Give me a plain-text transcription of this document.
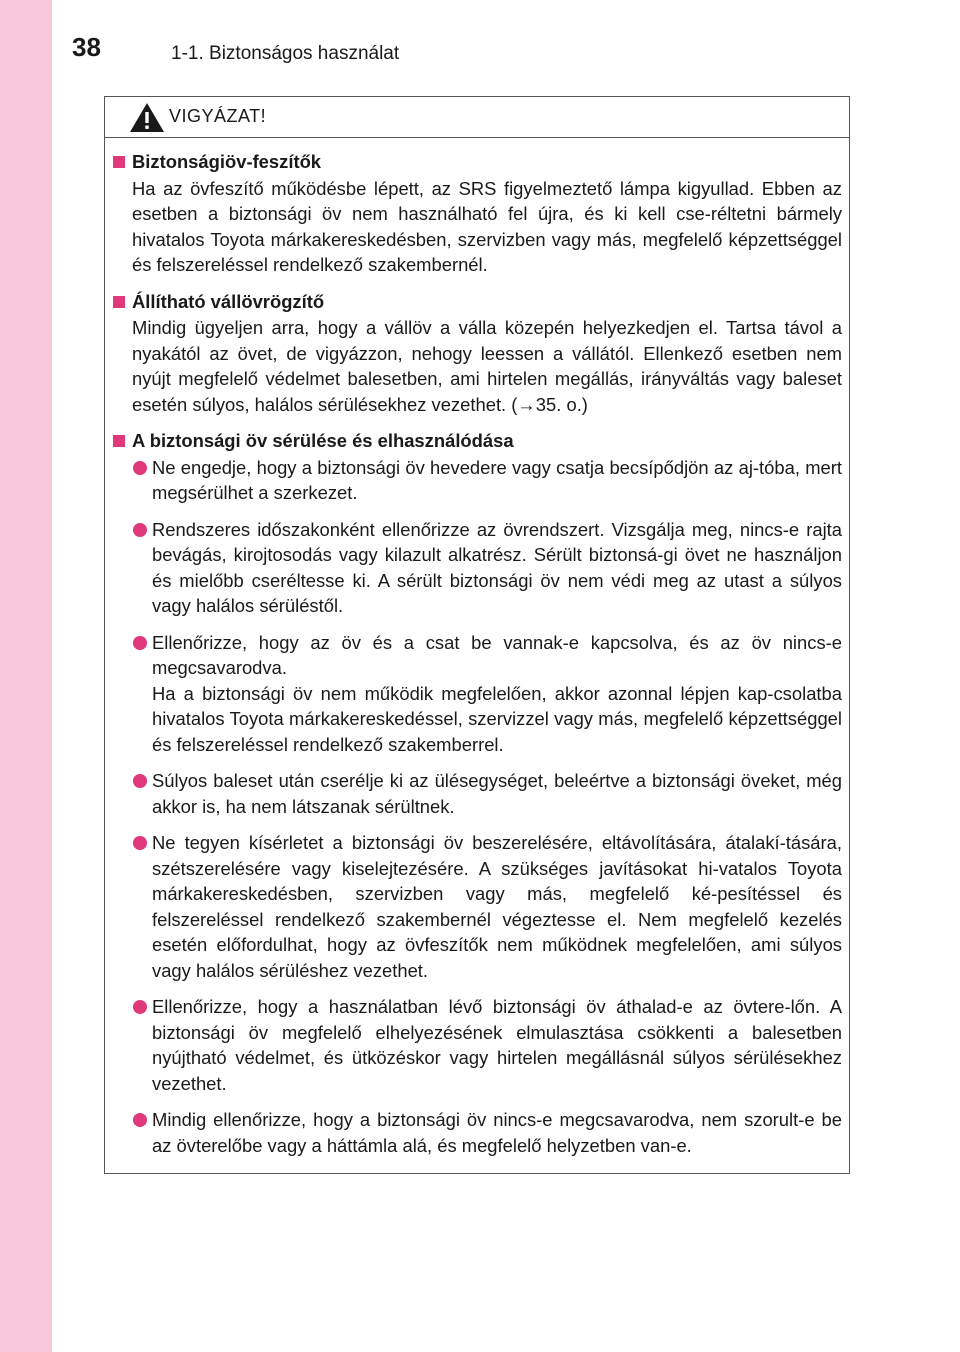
38	1-1. Biztonságos használat
VIGYÁZAT!
Biztonságiöv-feszítők
Ha az övfeszítő működésbe lépett, az SRS figyelmeztető lámpa kigyullad. Ebben az esetben a biztonsági öv nem használható fel újra, és ki kell cse-réltetni bármely hivatalos Toyota márkakereskedésben, szervizben vagy más, megfelelő képzettséggel és felszereléssel rendelkező szakembernél.
Állítható vállövrögzítő
Mindig ügyeljen arra, hogy a vállöv a válla közepén helyezkedjen el. Tartsa távol a nyakától az övet, de vigyázzon, nehogy leessen a vállától. Ellenkező esetben nem nyújt megfelelő védelmet balesetben, ami hirtelen megállás, irányváltás vagy baleset esetén súlyos, halálos sérülésekhez vezethet. (→35. o.)
A biztonsági öv sérülése és elhasználódása
Ne engedje, hogy a biztonsági öv hevedere vagy csatja becsípődjön az aj-tóba, mert megsérülhet a szerkezet.
Rendszeres időszakonként ellenőrizze az övrendszert. Vizsgálja meg, nincs-e rajta bevágás, kirojtosodás vagy kilazult alkatrész. Sérült biztonsá-gi övet ne használjon és mielőbb cseréltesse ki. A sérült biztonsági öv nem védi meg az utast a súlyos vagy halálos sérüléstől.
Ellenőrizze, hogy az öv és a csat be vannak-e kapcsolva, és az öv nincs-e megcsavarodva.
Ha a biztonsági öv nem működik megfelelően, akkor azonnal lépjen kap-csolatba hivatalos Toyota márkakereskedéssel, szervizzel vagy más, megfelelő képzettséggel és felszereléssel rendelkező szakemberrel.
Súlyos baleset után cserélje ki az ülésegységet, beleértve a biztonsági öveket, még akkor is, ha nem látszanak sérültnek.
Ne tegyen kísérletet a biztonsági öv beszerelésére, eltávolítására, átalakí-tására, szétszerelésére vagy kiselejtezésére. A szükséges javításokat hi-vatalos Toyota márkakereskedésben, szervizben vagy más, megfelelő ké-pesítéssel és felszereléssel rendelkező szakembernél végeztesse el. Nem megfelelő kezelés esetén előfordulhat, hogy az övfeszítők nem működnek megfelelően, ami súlyos vagy halálos sérüléshez vezethet.
Ellenőrizze, hogy a használatban lévő biztonsági öv áthalad-e az övtere-lőn. A biztonsági öv megfelelő elhelyezésének elmulasztása csökkenti a balesetben nyújtható védelmet, és ütközéskor vagy hirtelen megállásnál súlyos sérülésekhez vezethet.
Mindig ellenőrizze, hogy a biztonsági öv nincs-e megcsavarodva, nem szorult-e be az övterelőbe vagy a háttámla alá, és megfelelő helyzetben van-e.
